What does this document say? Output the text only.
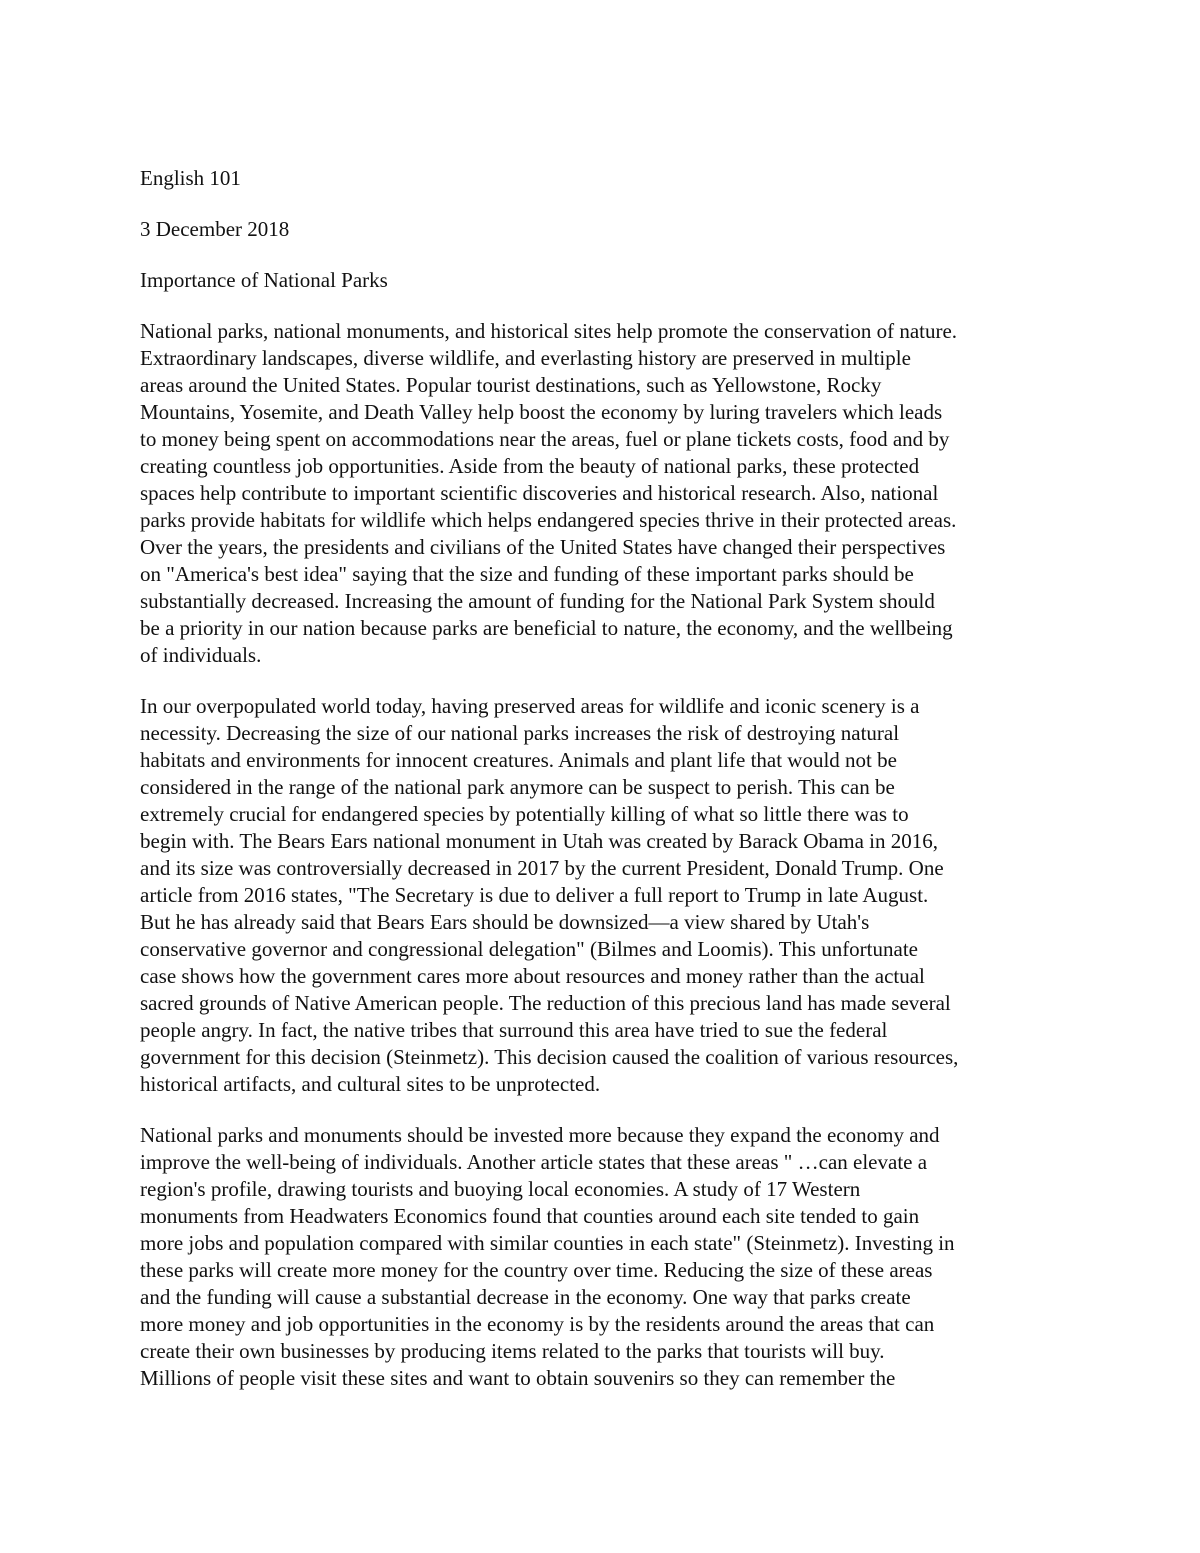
English 101

3 December 2018

Importance of National Parks

National parks, national monuments, and historical sites help promote the conservation of nature.

Extraordinary landscapes, diverse wildlife, and everlasting history are preserved in multiple

areas around the United States. Popular tourist destinations, such as Yellowstone, Rocky

Mountains, Yosemite, and Death Valley help boost the economy by luring travelers which leads

to money being spent on accommodations near the areas, fuel or plane tickets costs, food and by

creating countless job opportunities. Aside from the beauty of national parks, these protected

spaces help contribute to important scientific discoveries and historical research. Also, national

parks provide habitats for wildlife which helps endangered species thrive in their protected areas.

Over the years, the presidents and civilians of the United States have changed their perspectives

on "America's best idea" saying that the size and funding of these important parks should be

substantially decreased. Increasing the amount of funding for the National Park System should

be a priority in our nation because parks are beneficial to nature, the economy, and the wellbeing

of individuals.

In our overpopulated world today, having preserved areas for wildlife and iconic scenery is a

necessity. Decreasing the size of our national parks increases the risk of destroying natural

habitats and environments for innocent creatures. Animals and plant life that would not be

considered in the range of the national park anymore can be suspect to perish. This can be

extremely crucial for endangered species by potentially killing of what so little there was to

begin with. The Bears Ears national monument in Utah was created by Barack Obama in 2016,

and its size was controversially decreased in 2017 by the current President, Donald Trump. One

article from 2016 states, "The Secretary is due to deliver a full report to Trump in late August.

But he has already said that Bears Ears should be downsized—a view shared by Utah's

conservative governor and congressional delegation" (Bilmes and Loomis). This unfortunate

case shows how the government cares more about resources and money rather than the actual

sacred grounds of Native American people. The reduction of this precious land has made several

people angry. In fact, the native tribes that surround this area have tried to sue the federal

government for this decision (Steinmetz). This decision caused the coalition of various resources,

historical artifacts, and cultural sites to be unprotected.

National parks and monuments should be invested more because they expand the economy and

improve the well-being of individuals. Another article states that these areas " …can elevate a

region's profile, drawing tourists and buoying local economies. A study of 17 Western

monuments from Headwaters Economics found that counties around each site tended to gain

more jobs and population compared with similar counties in each state" (Steinmetz). Investing in

these parks will create more money for the country over time. Reducing the size of these areas

and the funding will cause a substantial decrease in the economy. One way that parks create

more money and job opportunities in the economy is by the residents around the areas that can

create their own businesses by producing items related to the parks that tourists will buy.

Millions of people visit these sites and want to obtain souvenirs so they can remember the
